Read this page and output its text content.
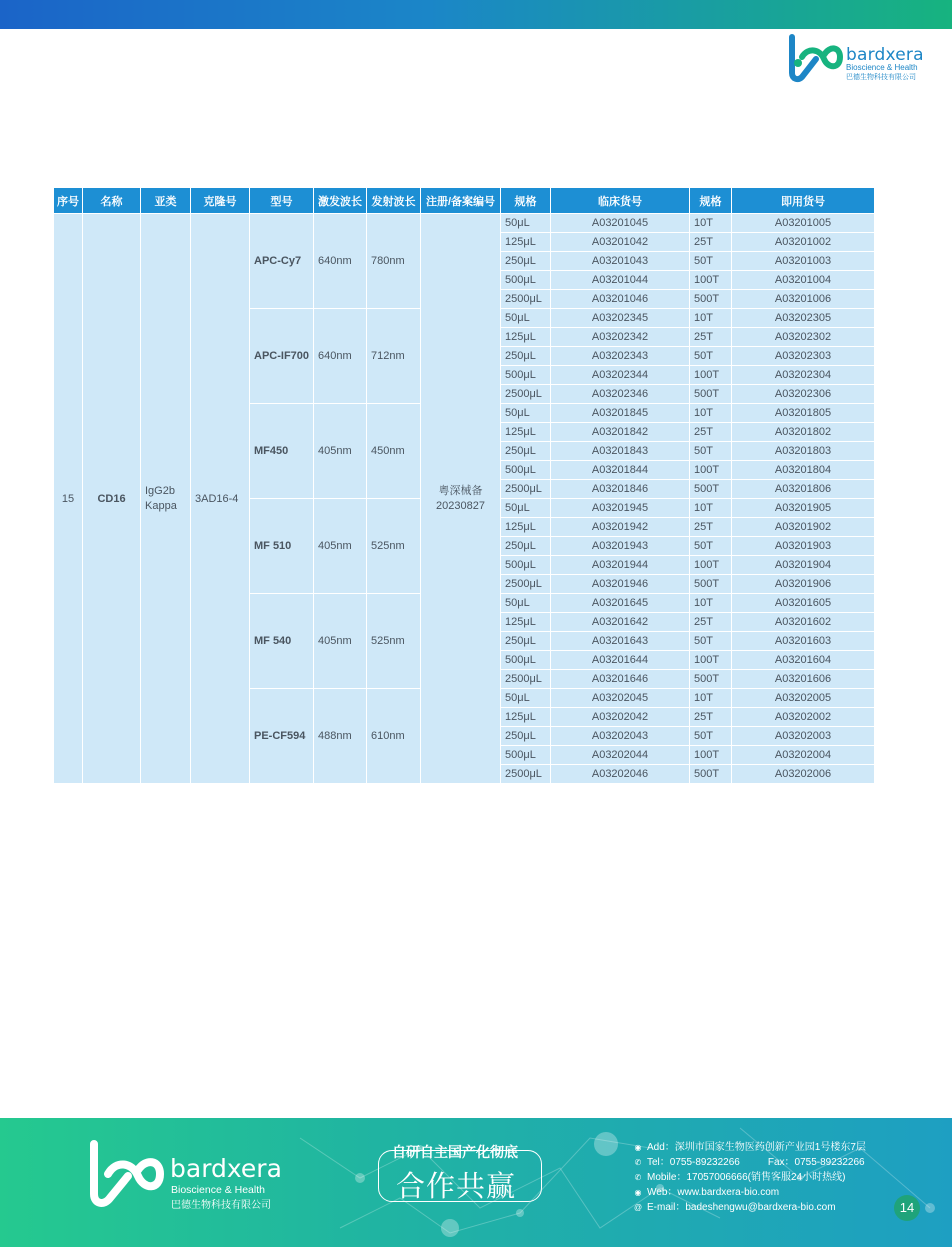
bardxera
Bioscience & Health
巴德生物科技有限公司
序号	名称	亚类	克隆号	型号	激发波长	发射波长	注册/备案编号	规格	临床货号	规格	即用货号
15	CD16	IgG2b Kappa	3AD16-4	APC-Cy7	640nm	780nm	粤深械备 20230827	50μL	A03201045	10T	A03201005
								125μL	A03201042	25T	A03201002
								250μL	A03201043	50T	A03201003
								500μL	A03201044	100T	A03201004
								2500μL	A03201046	500T	A03201006
				APC-IF700	640nm	712nm		50μL	A03202345	10T	A03202305
								125μL	A03202342	25T	A03202302
								250μL	A03202343	50T	A03202303
								500μL	A03202344	100T	A03202304
								2500μL	A03202346	500T	A03202306
				MF450	405nm	450nm		50μL	A03201845	10T	A03201805
								125μL	A03201842	25T	A03201802
								250μL	A03201843	50T	A03201803
								500μL	A03201844	100T	A03201804
								2500μL	A03201846	500T	A03201806
				MF 510	405nm	525nm		50μL	A03201945	10T	A03201905
								125μL	A03201942	25T	A03201902
								250μL	A03201943	50T	A03201903
								500μL	A03201944	100T	A03201904
								2500μL	A03201946	500T	A03201906
				MF 540	405nm	525nm		50μL	A03201645	10T	A03201605
								125μL	A03201642	25T	A03201602
								250μL	A03201643	50T	A03201603
								500μL	A03201644	100T	A03201604
								2500μL	A03201646	500T	A03201606
				PE-CF594	488nm	610nm		50μL	A03202045	10T	A03202005
								125μL	A03202042	25T	A03202002
								250μL	A03202043	50T	A03202003
								500μL	A03202044	100T	A03202004
								2500μL	A03202046	500T	A03202006
bardxera
Bioscience & Health
巴德生物科技有限公司
自研自主国产化彻底
合作共赢
◉ Add：深圳市国家生物医药创新产业园1号楼东7层
✆ Tel：0755-89232266	Fax：0755-89232266
✆ Mobile：17057006666(销售客服24小时热线)
◉ Web：www.bardxera-bio.com
@ E-mail：badeshengwu@bardxera-bio.com	14
